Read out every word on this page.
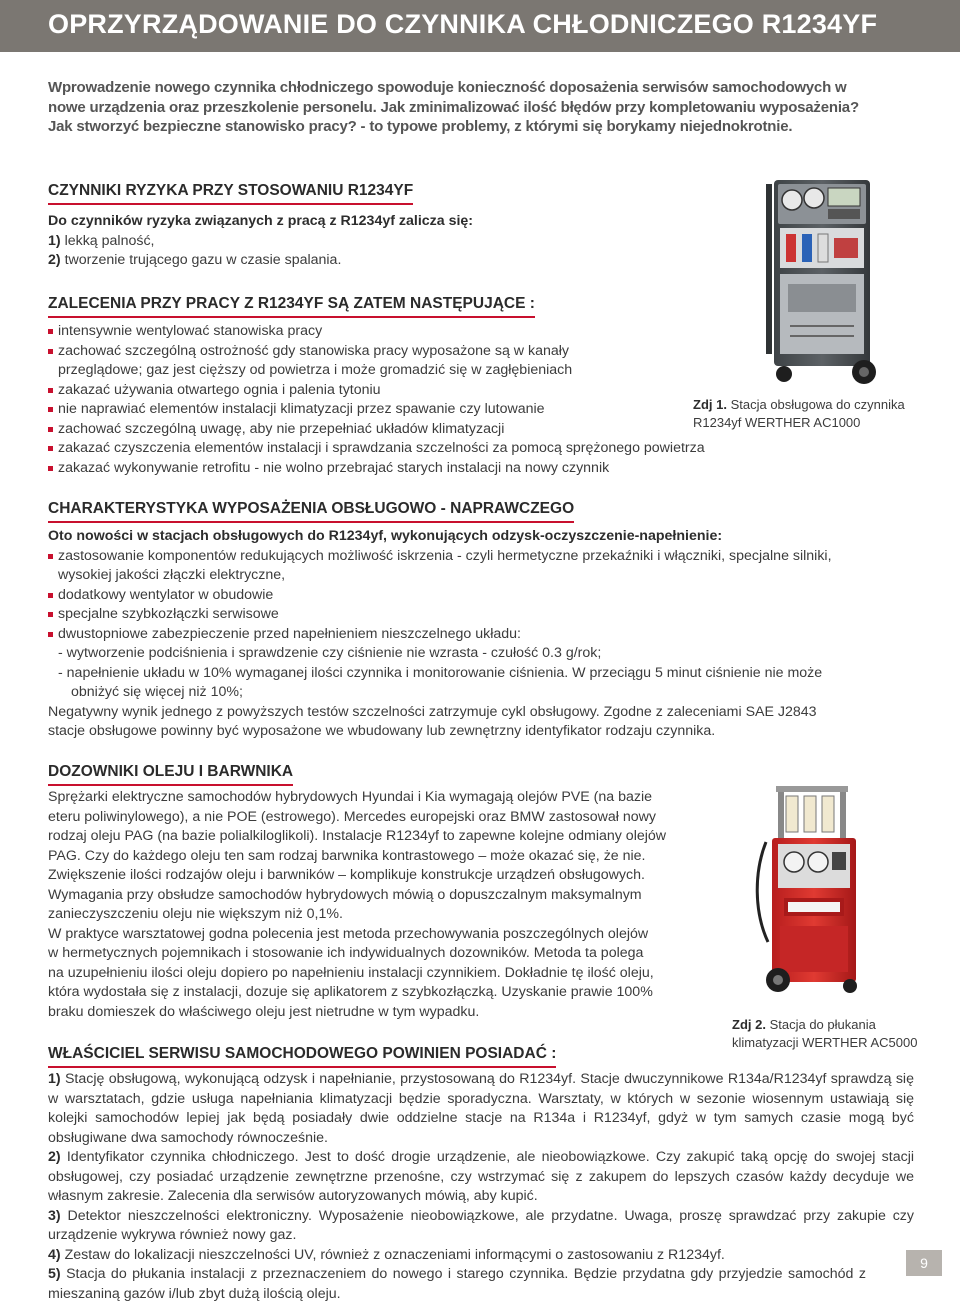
OPRZYRZĄDOWANIE DO CZYNNIKA CHŁODNICZEGO R1234YF
Wprowadzenie nowego czynnika chłodniczego spowoduje konieczność doposażenia serwisów samochodowych w
nowe urządzenia oraz przeszkolenie personelu. Jak zminimalizować ilość błędów przy kompletowaniu wyposażenia?
Jak stworzyć bezpieczne stanowisko pracy? - to typowe problemy, z którymi się borykamy niejednokrotnie.
CZYNNIKI RYZYKA PRZY STOSOWANIU R1234YF
Do czynników ryzyka związanych z pracą z R1234yf zalicza się:
1) lekką palność,
2) tworzenie trującego gazu w czasie spalania.
ZALECENIA PRZY PRACY Z R1234YF SĄ ZATEM NASTĘPUJĄCE :
intensywnie wentylować stanowiska pracy
zachować szczególną ostrożność gdy stanowiska pracy wyposażone są w kanały
przeglądowe; gaz jest cięższy od powietrza i może gromadzić się w zagłębieniach
zakazać używania otwartego ognia i palenia tytoniu
nie naprawiać elementów instalacji klimatyzacji przez spawanie czy lutowanie
zachować szczególną uwagę, aby nie przepełniać układów klimatyzacji
zakazać czyszczenia elementów instalacji i sprawdzania szczelności za pomocą sprężonego powietrza
zakazać wykonywanie retrofitu - nie wolno przebrajać starych instalacji na nowy czynnik
Zdj 1. Stacja obsługowa do czynnika
R1234yf WERTHER AC1000
CHARAKTERYSTYKA WYPOSAŻENIA OBSŁUGOWO - NAPRAWCZEGO
Oto nowości w stacjach obsługowych do R1234yf, wykonujących odzysk-oczyszczenie-napełnienie:
zastosowanie komponentów redukujących możliwość iskrzenia - czyli hermetyczne przekaźniki i włączniki, specjalne silniki,
wysokiej jakości złączki elektryczne,
dodatkowy wentylator w obudowie
specjalne szybkozłączki serwisowe
dwustopniowe zabezpieczenie przed napełnieniem nieszczelnego układu:
- wytworzenie podciśnienia i sprawdzenie czy ciśnienie nie wzrasta - czułość 0.3 g/rok;
- napełnienie układu w 10% wymaganej ilości czynnika i monitorowanie ciśnienia. W przeciągu 5 minut ciśnienie nie może
obniżyć się więcej niż 10%;
Negatywny wynik jednego z powyższych testów szczelności zatrzymuje cykl obsługowy. Zgodne z zaleceniami SAE J2843
stacje obsługowe powinny być wyposażone we wbudowany lub zewnętrzny identyfikator rodzaju czynnika.
DOZOWNIKI OLEJU I BARWNIKA
Sprężarki elektryczne samochodów hybrydowych Hyundai i Kia wymagają olejów PVE (na bazie
eteru poliwinylowego), a nie POE (estrowego). Mercedes europejski oraz BMW zastosował nowy
rodzaj oleju PAG (na bazie polialkiloglikoli). Instalacje R1234yf to zapewne kolejne odmiany olejów
PAG. Czy do każdego oleju ten sam rodzaj barwnika kontrastowego – może okazać się, że nie.
Zwiększenie ilości rodzajów oleju i barwników – komplikuje konstrukcje urządzeń obsługowych.
Wymagania przy obsłudze samochodów hybrydowych mówią o dopuszczalnym maksymalnym
zanieczyszczeniu oleju nie większym niż 0,1%.
W praktyce warsztatowej godna polecenia jest metoda przechowywania poszczególnych olejów
w hermetycznych pojemnikach i stosowanie ich indywidualnych dozowników. Metoda ta polega
na uzupełnieniu ilości oleju dopiero po napełnieniu instalacji czynnikiem. Dokładnie tę ilość oleju,
która wydostała się z instalacji, dozuje się aplikatorem z szybkozłączką. Uzyskanie prawie 100%
braku domieszek do właściwego oleju jest nietrudne w tym wypadku.
Zdj 2. Stacja do płukania
klimatyzacji WERTHER AC5000
WŁAŚCICIEL SERWISU SAMOCHODOWEGO POWINIEN POSIADAĆ :
1) Stację obsługową, wykonującą odzysk i napełnianie, przystosowaną do R1234yf. Stacje dwuczynnikowe R134a/R1234yf sprawdzą się w warsztatach, gdzie usługa napełniania klimatyzacji będzie sporadyczna. Warsztaty, w których w sezonie wiosennym ustawiają się kolejki samochodów lepiej jak będą posiadały dwie oddzielne stacje na R134a i R1234yf, gdyż w tym samych czasie mogą być obsługiwane dwa samochody równocześnie.
2) Identyfikator czynnika chłodniczego. Jest to dość drogie urządzenie, ale nieobowiązkowe. Czy zakupić taką opcję do swojej stacji obsługowej, czy posiadać urządzenie zewnętrzne przenośne, czy wstrzymać się z zakupem do lepszych czasów każdy decyduje we własnym zakresie. Zalecenia dla serwisów autoryzowanych mówią, aby kupić.
3) Detektor nieszczelności elektroniczny. Wyposażenie nieobowiązkowe, ale przydatne. Uwaga, proszę sprawdzać przy zakupie czy urządzenie wykrywa również nowy gaz.
4) Zestaw do lokalizacji nieszczelności UV, również z oznaczeniami informącymi o zastosowaniu z R1234yf.
5) Stacja do płukania instalacji z przeznaczeniem do nowego i starego czynnika. Będzie przydatna gdy przyjedzie samochód z mieszaniną gazów i/lub zbyt dużą ilością oleju.
9
